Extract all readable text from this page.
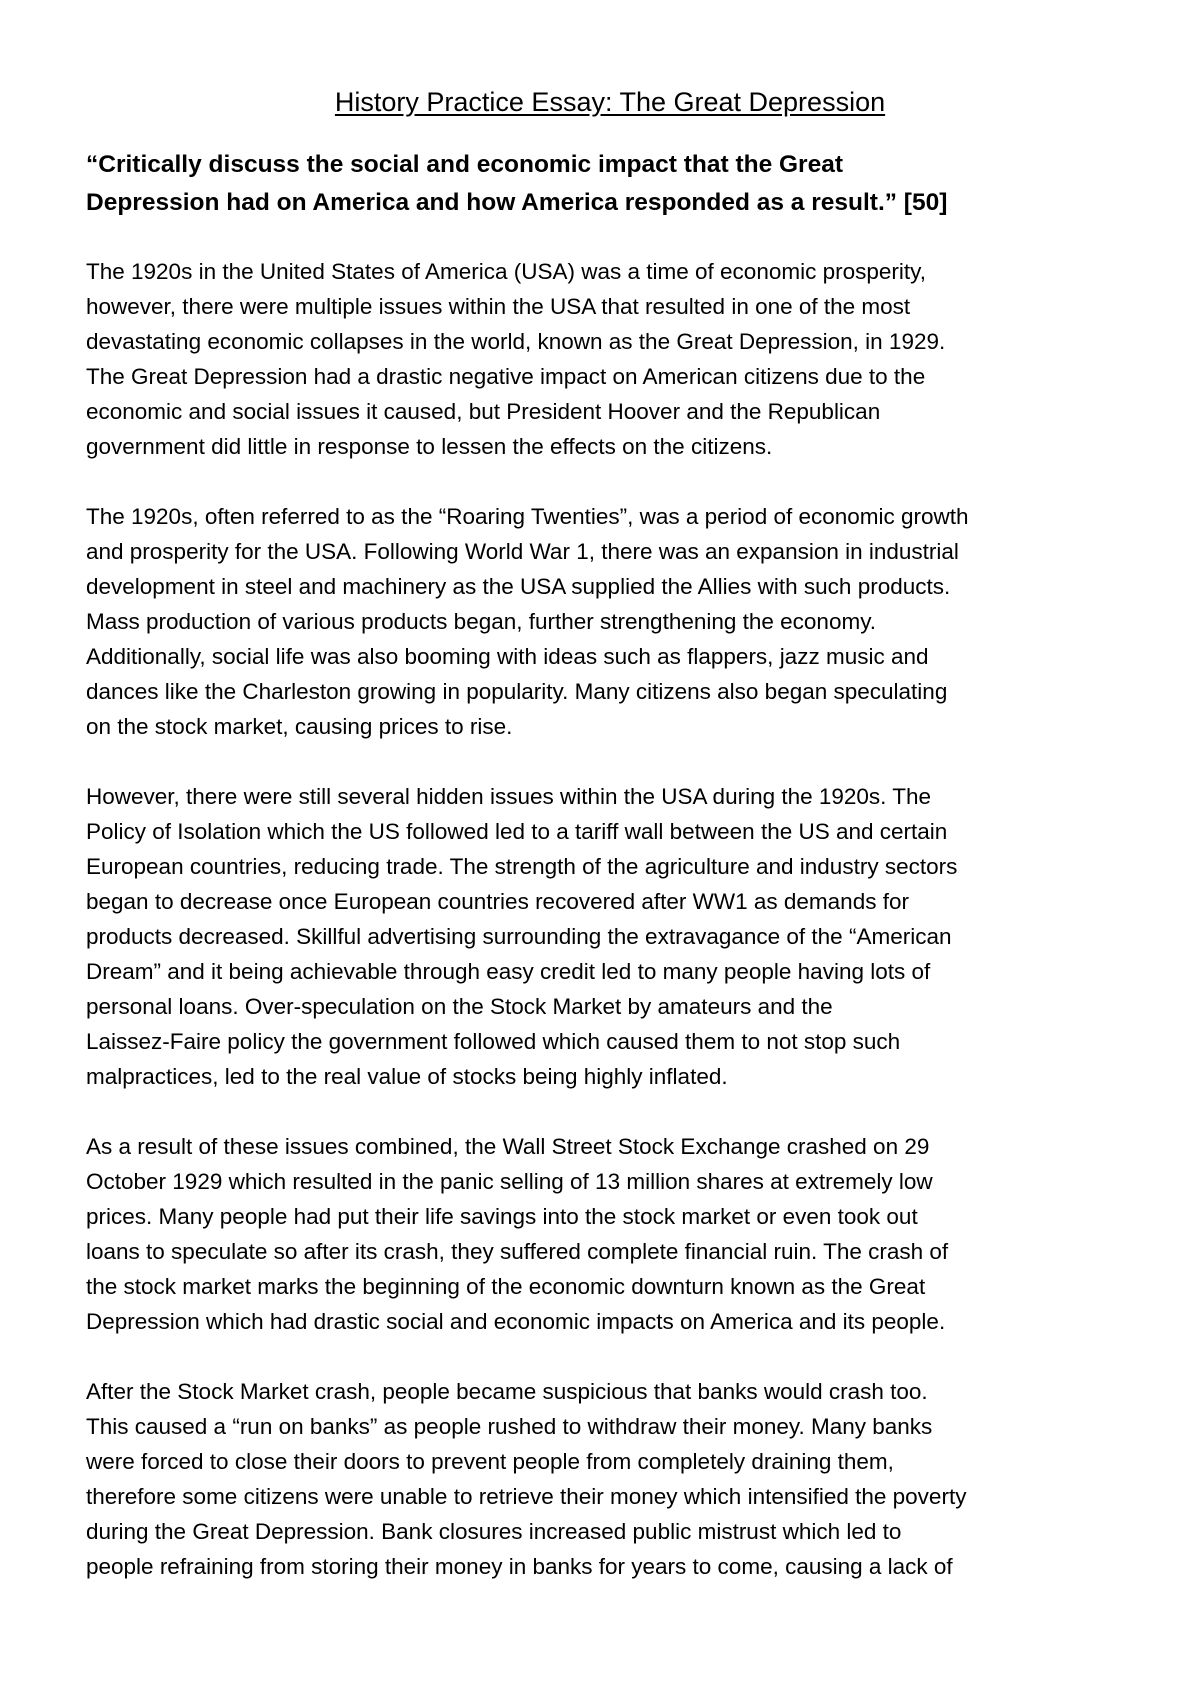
History Practice Essay: The Great Depression

“Critically discuss the social and economic impact that the Great
Depression had on America and how America responded as a result.” [50]

The 1920s in the United States of America (USA) was a time of economic prosperity,
however, there were multiple issues within the USA that resulted in one of the most
devastating economic collapses in the world, known as the Great Depression, in 1929.
The Great Depression had a drastic negative impact on American citizens due to the
economic and social issues it caused, but President Hoover and the Republican
government did little in response to lessen the effects on the citizens.

The 1920s, often referred to as the “Roaring Twenties”, was a period of economic growth
and prosperity for the USA. Following World War 1, there was an expansion in industrial
development in steel and machinery as the USA supplied the Allies with such products.
Mass production of various products began, further strengthening the economy.
Additionally, social life was also booming with ideas such as flappers, jazz music and
dances like the Charleston growing in popularity. Many citizens also began speculating
on the stock market, causing prices to rise.

However, there were still several hidden issues within the USA during the 1920s. The
Policy of Isolation which the US followed led to a tariff wall between the US and certain
European countries, reducing trade. The strength of the agriculture and industry sectors
began to decrease once European countries recovered after WW1 as demands for
products decreased. Skillful advertising surrounding the extravagance of the “American
Dream” and it being achievable through easy credit led to many people having lots of
personal loans. Over-speculation on the Stock Market by amateurs and the
Laissez-Faire policy the government followed which caused them to not stop such
malpractices, led to the real value of stocks being highly inflated.

As a result of these issues combined, the Wall Street Stock Exchange crashed on 29
October 1929 which resulted in the panic selling of 13 million shares at extremely low
prices. Many people had put their life savings into the stock market or even took out
loans to speculate so after its crash, they suffered complete financial ruin. The crash of
the stock market marks the beginning of the economic downturn known as the Great
Depression which had drastic social and economic impacts on America and its people.

After the Stock Market crash, people became suspicious that banks would crash too.
This caused a “run on banks” as people rushed to withdraw their money. Many banks
were forced to close their doors to prevent people from completely draining them,
therefore some citizens were unable to retrieve their money which intensified the poverty
during the Great Depression. Bank closures increased public mistrust which led to
people refraining from storing their money in banks for years to come, causing a lack of
